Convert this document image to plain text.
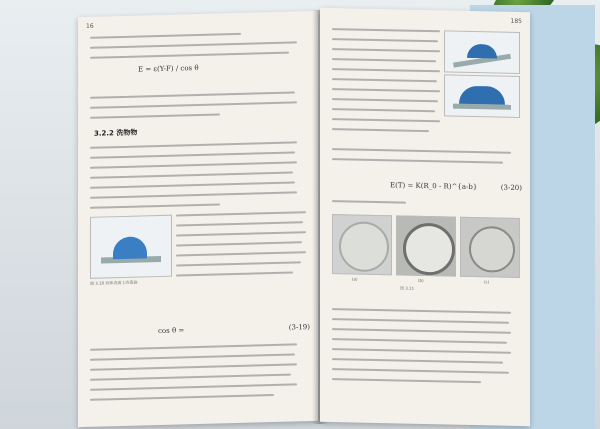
16
E = ε(Y-F) / cos θ
3.2.2 洗物物
图 3.10 固体表面上的液滴
cos θ =	(3-19)
185
E(T) = K(R_0 - R)^{a-b}	(3-20)
(a)	(b)	(c)
图 3.11
